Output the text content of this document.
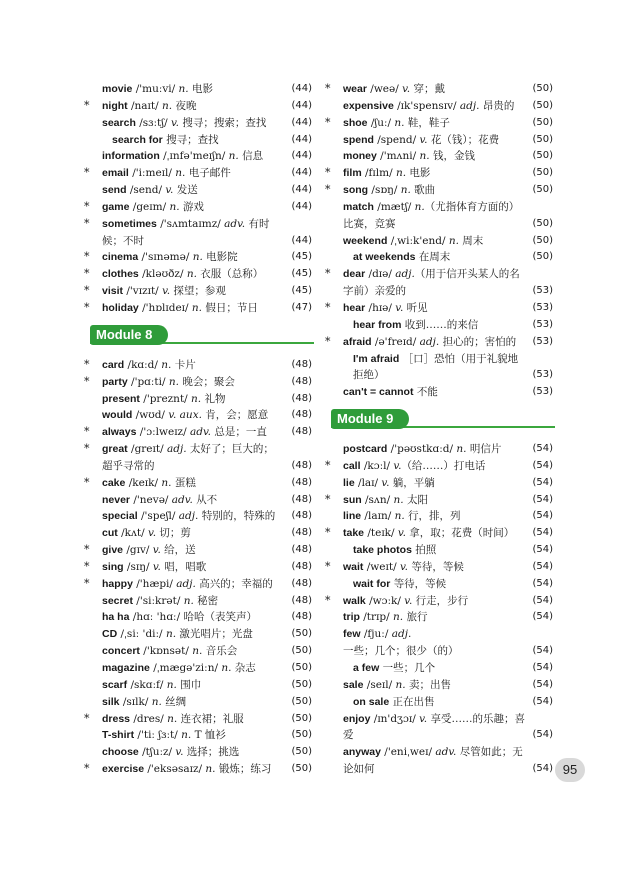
movie /'muːvi/ n. 电影	(44)
*	night /naɪt/ n. 夜晚	(44)
search /sɜːtʃ/ v. 搜寻；搜索；查找	(44)
search for 搜寻；查找	(44)
information /ˌɪnfə'meɪʃn/ n. 信息	(44)
*	email /'iːmeɪl/ n. 电子邮件	(44)
send /send/ v. 发送	(44)
*	game /geɪm/ n. 游戏	(44)
*	sometimes /'sʌmtaɪmz/ adv. 有时候；不时	(44)
*	cinema /'sɪnəmə/ n. 电影院	(45)
*	clothes /kləʊðz/ n. 衣服（总称）	(45)
*	visit /'vɪzɪt/ v. 探望；参观	(45)
*	holiday /'hɒlɪdeɪ/ n. 假日；节日	(47)
Module 8
*	card /kɑːd/ n. 卡片	(48)
*	party /'pɑːti/ n. 晚会；聚会	(48)
present /'preznt/ n. 礼物	(48)
would /wʊd/ v. aux. 肯，会；愿意	(48)
*	always /'ɔːlweɪz/ adv. 总是；一直	(48)
*	great /greɪt/ adj. 太好了；巨大的；超乎寻常的	(48)
*	cake /keɪk/ n. 蛋糕	(48)
never /'nevə/ adv. 从不	(48)
special /'speʃl/ adj. 特别的，特殊的	(48)
cut /kʌt/ v. 切；剪	(48)
*	give /gɪv/ v. 给，送	(48)
*	sing /sɪŋ/ v. 唱，唱歌	(48)
*	happy /'hæpi/ adj. 高兴的；幸福的	(48)
secret /'siːkrət/ n. 秘密	(48)
ha ha /hɑː 'hɑː/ 哈哈（表笑声）	(48)
CD /ˌsiː 'diː/ n. 激光唱片；光盘	(50)
concert /'kɒnsət/ n. 音乐会	(50)
magazine /ˌmægə'ziːn/ n. 杂志	(50)
scarf /skɑːf/ n. 围巾	(50)
silk /sɪlk/ n. 丝绸	(50)
*	dress /dres/ n. 连衣裙；礼服	(50)
T-shirt /'tiː ʃɜːt/ n. T 恤衫	(50)
choose /tʃuːz/ v. 选择；挑选	(50)
*	exercise /'eksəsaɪz/ n. 锻炼；练习	(50)
*	wear /weə/ v. 穿；戴	(50)
expensive /ɪk'spensɪv/ adj. 昂贵的	(50)
*	shoe /ʃuː/ n. 鞋，鞋子	(50)
spend /spend/ v. 花（钱）；花费	(50)
money /'mʌni/ n. 钱，金钱	(50)
*	film /fɪlm/ n. 电影	(50)
*	song /sɒŋ/ n. 歌曲	(50)
match /mætʃ/ n.（尤指体育方面的）比赛，竞赛	(50)
weekend /ˌwiːk'end/ n. 周末	(50)
at weekends 在周末	(50)
*	dear /dɪə/ adj.（用于信开头某人的名字前）亲爱的	(53)
*	hear /hɪə/ v. 听见	(53)
hear from 收到……的来信	(53)
*	afraid /ə'freɪd/ adj. 担心的；害怕的	(53)
I'm afraid ［口］恐怕（用于礼貌地拒绝）	(53)
can't = cannot 不能	(53)
Module 9
postcard /'pəʊstkɑːd/ n. 明信片	(54)
*	call /kɔːl/ v.（给……）打电话	(54)
lie /laɪ/ v. 躺，平躺	(54)
*	sun /sʌn/ n. 太阳	(54)
line /laɪn/ n. 行，排，列	(54)
*	take /teɪk/ v. 拿，取；花费（时间）	(54)
take photos 拍照	(54)
*	wait /weɪt/ v. 等待，等候	(54)
wait for 等待，等候	(54)
*	walk /wɔːk/ v. 行走，步行	(54)
trip /trɪp/ n. 旅行	(54)
few /fjuː/ adj. 一些；几个；很少（的）	(54)
a few 一些；几个	(54)
sale /seɪl/ n. 卖；出售	(54)
on sale 正在出售	(54)
enjoy /ɪn'dʒɔɪ/ v. 享受……的乐趣；喜爱	(54)
anyway /'eniˌweɪ/ adv. 尽管如此；无论如何	(54) 95
